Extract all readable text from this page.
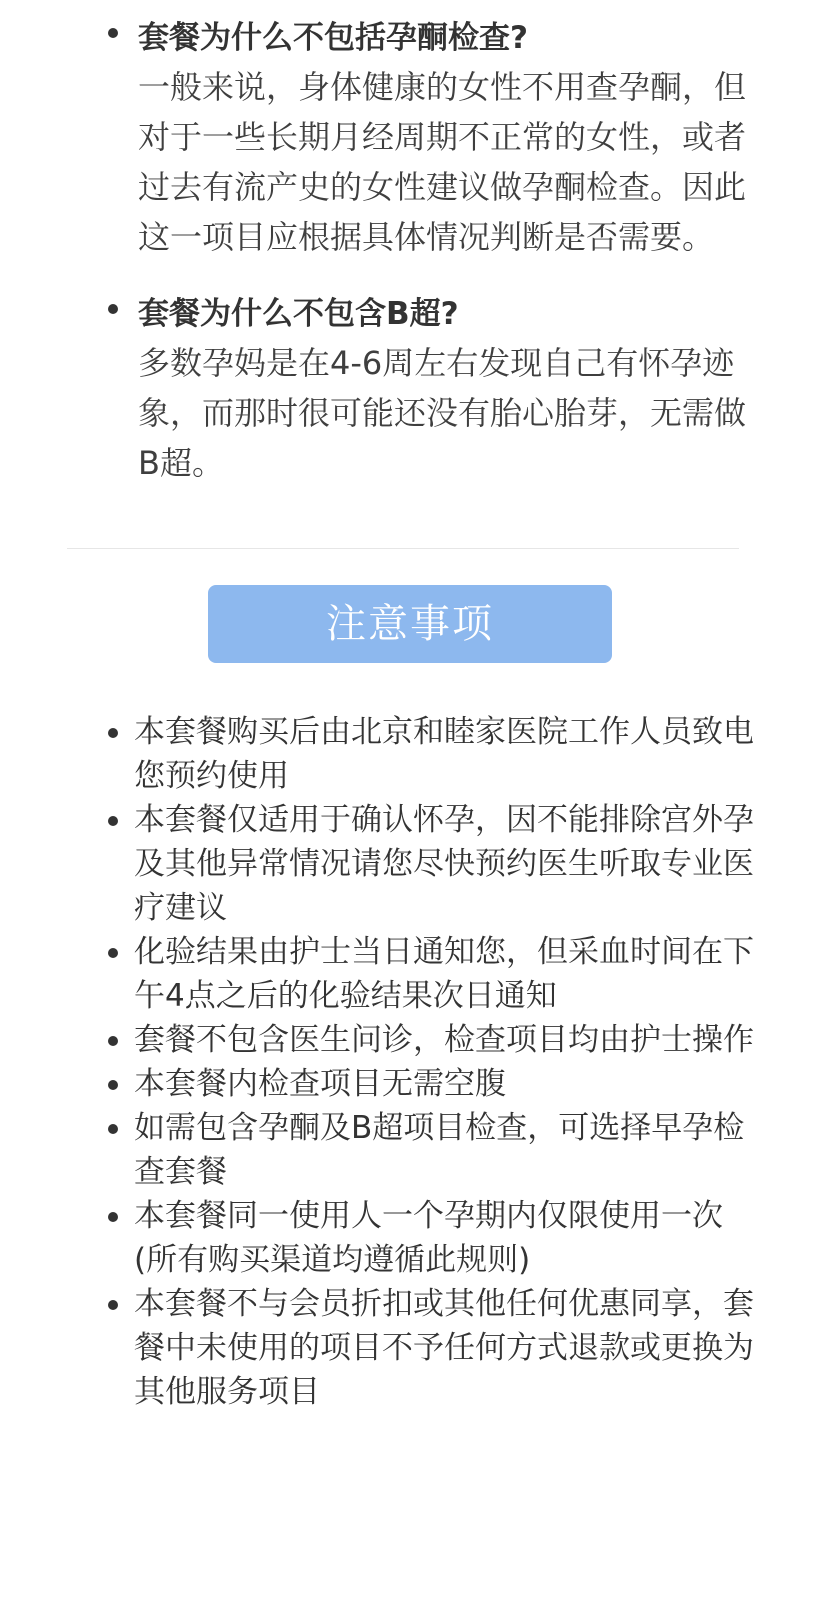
套餐为什么不包括孕酮检查?

一般来说，身体健康的女性不用查孕酮，但对于一些长期月经周期不正常的女性，或者过去有流产史的女性建议做孕酮检查。因此这一项目应根据具体情况判断是否需要。

套餐为什么不包含B超?

多数孕妈是在4-6周左右发现自己有怀孕迹象，而那时很可能还没有胎心胎芽，无需做B超。

注意事项
本套餐购买后由北京和睦家医院工作人员致电您预约使用
本套餐仅适用于确认怀孕，因不能排除宫外孕及其他异常情况请您尽快预约医生听取专业医疗建议
化验结果由护士当日通知您，但采血时间在下午4点之后的化验结果次日通知
套餐不包含医生问诊，检查项目均由护士操作
本套餐内检查项目无需空腹
如需包含孕酮及B超项目检查，可选择早孕检查套餐
本套餐同一使用人一个孕期内仅限使用一次(所有购买渠道均遵循此规则)
本套餐不与会员折扣或其他任何优惠同享，套餐中未使用的项目不予任何方式退款或更换为其他服务项目
